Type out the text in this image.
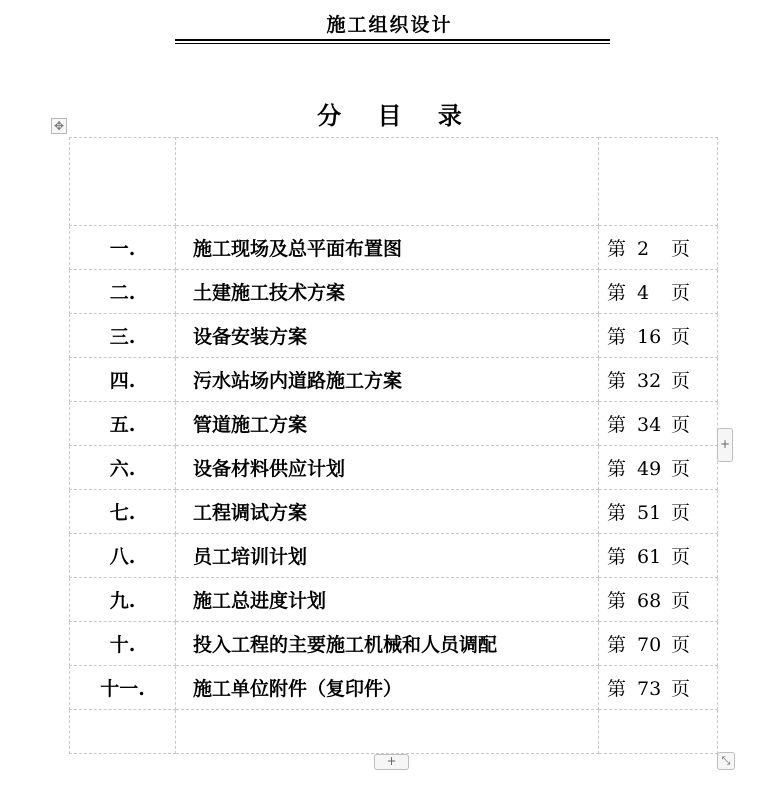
施工组织设计
分 目 录
✥

一.	施工现场及总平面布置图	第 2 页
二.	土建施工技术方案	第 4 页
三.	设备安装方案	第 16 页
四.	污水站场内道路施工方案	第 32 页
五.	管道施工方案	第 34 页
六.	设备材料供应计划	第 49 页
七.	工程调试方案	第 51 页
八.	员工培训计划	第 61 页
九.	施工总进度计划	第 68 页
十.	投入工程的主要施工机械和人员调配	第 70 页
十一.	施工单位附件（复印件）	第 73 页

+
+	⤡
